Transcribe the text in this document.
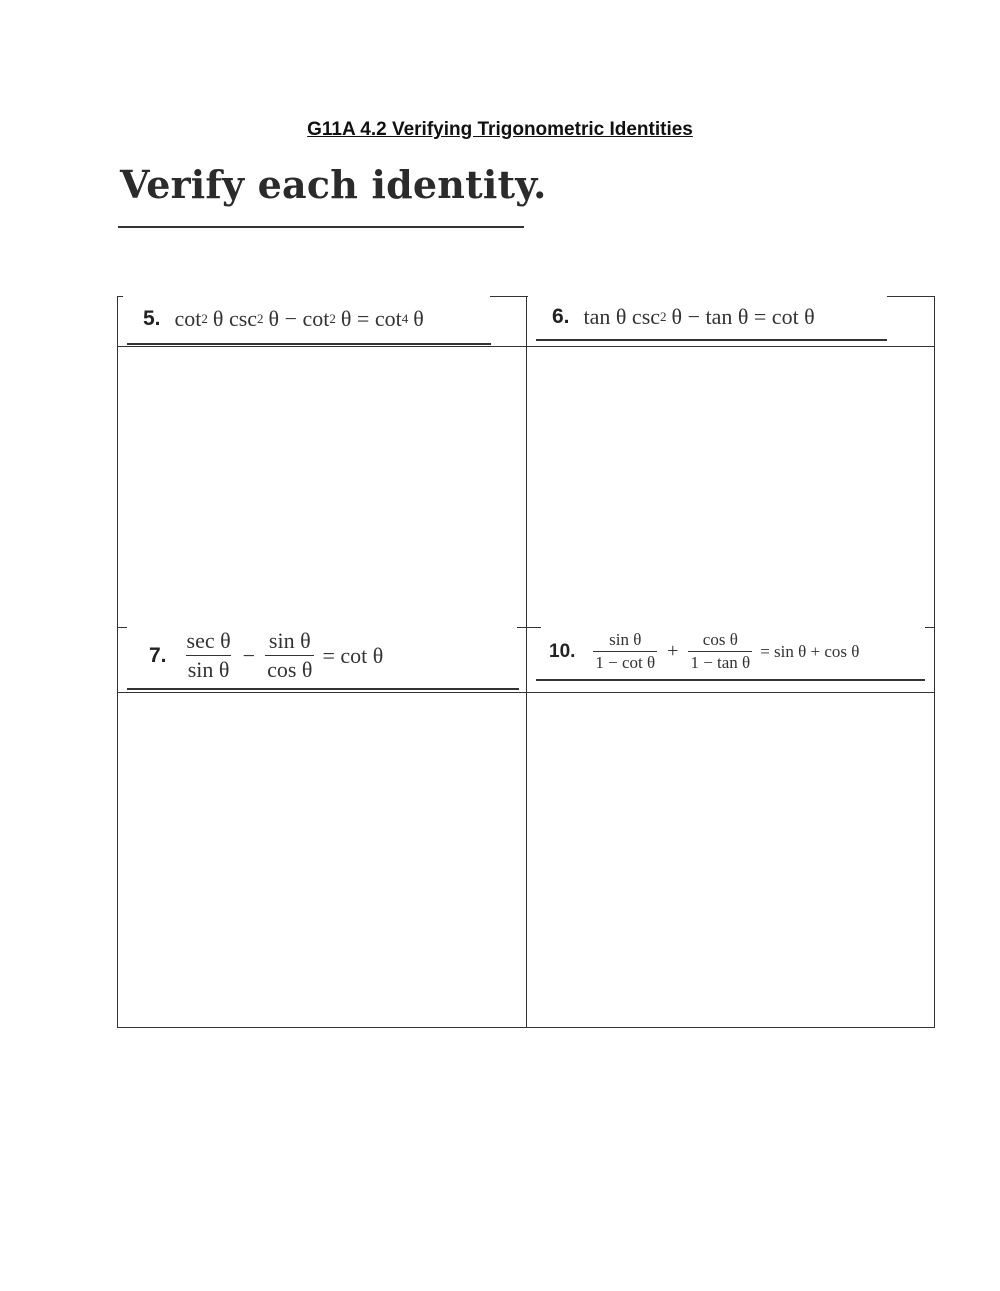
G11A 4.2 Verifying Trigonometric Identities
Verify each identity.
5. cot 2 θ csc 2 θ − cot 2 θ = cot 4 θ	6. tan θ csc 2 θ − tan θ = cot θ
7. $\frac{\text{sec θ}}{\text{sin θ}} - \frac{\text{sin θ}}{\text{cos θ}} = \cot \theta$	10. $\frac{\text{sin θ}}{\text{1 − cot θ}} + \frac{\text{cos θ}}{\text{1 − tan θ}} = \sin \theta + \cos \theta$
